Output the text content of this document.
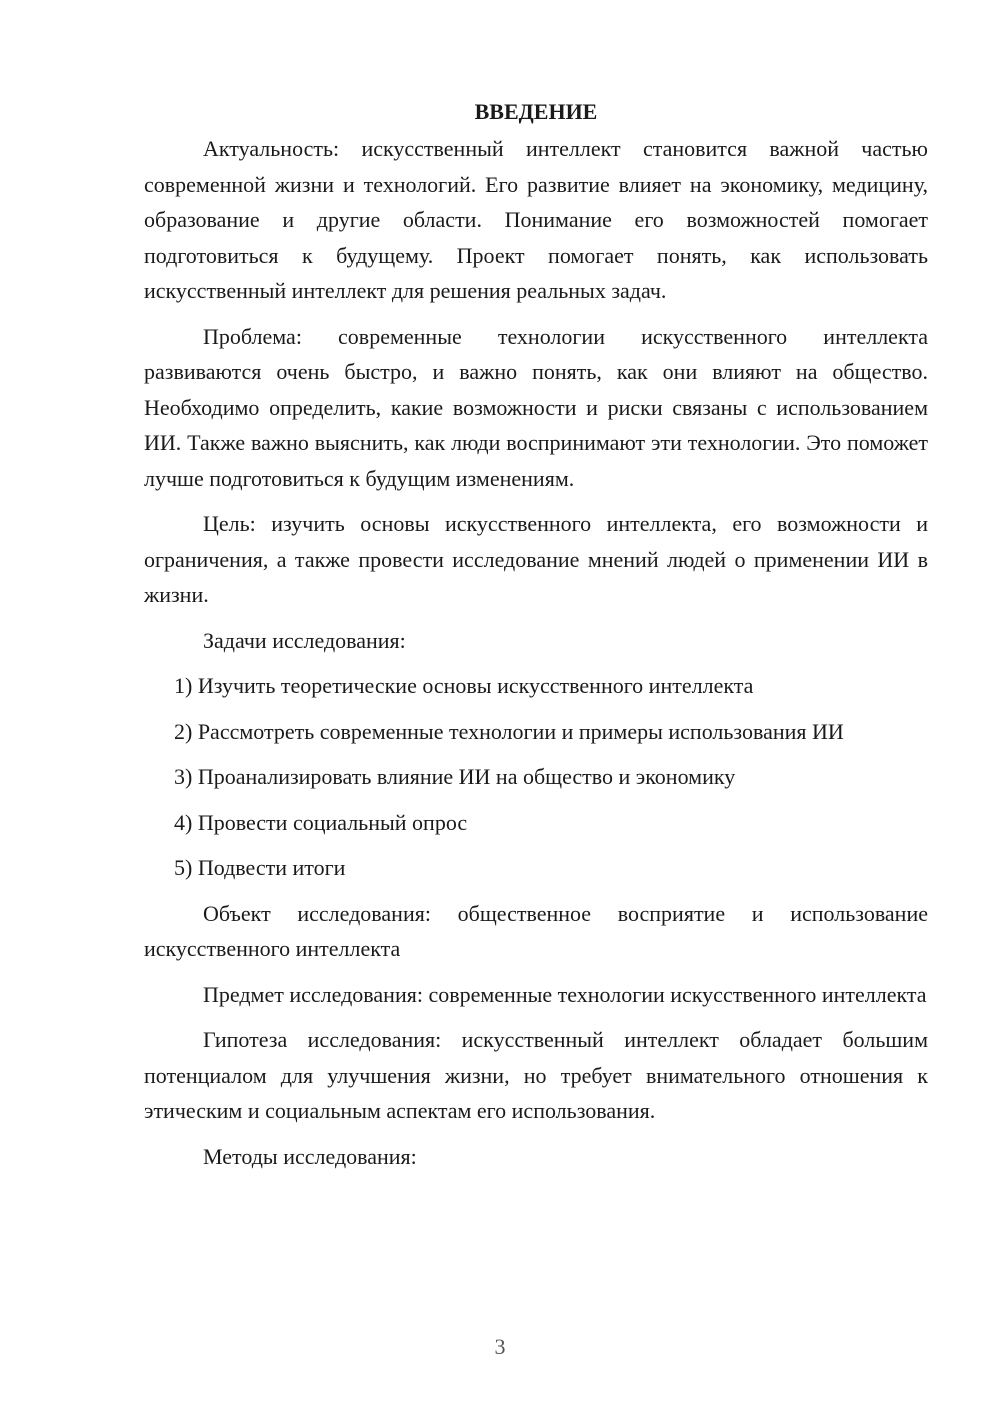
ВВЕДЕНИЕ

Актуальность: искусственный интеллект становится важной частью современной жизни и технологий. Его развитие влияет на экономику, медицину, образование и другие области. Понимание его возможностей помогает подготовиться к будущему. Проект помогает понять, как использовать искусственный интеллект для решения реальных задач.

Проблема: современные технологии искусственного интеллекта развиваются очень быстро, и важно понять, как они влияют на общество. Необходимо определить, какие возможности и риски связаны с использованием ИИ. Также важно выяснить, как люди воспринимают эти технологии. Это поможет лучше подготовиться к будущим изменениям.

Цель: изучить основы искусственного интеллекта, его возможности и ограничения, а также провести исследование мнений людей о применении ИИ в жизни.

Задачи исследования:

1) Изучить теоретические основы искусственного интеллекта

2) Рассмотреть современные технологии и примеры использования ИИ

3) Проанализировать влияние ИИ на общество и экономику

4) Провести социальный опрос

5) Подвести итоги

Объект исследования: общественное восприятие и использование искусственного интеллекта

Предмет исследования: современные технологии искусственного интеллекта

Гипотеза исследования: искусственный интеллект обладает большим потенциалом для улучшения жизни, но требует внимательного отношения к этическим и социальным аспектам его использования.

Методы исследования:

3
